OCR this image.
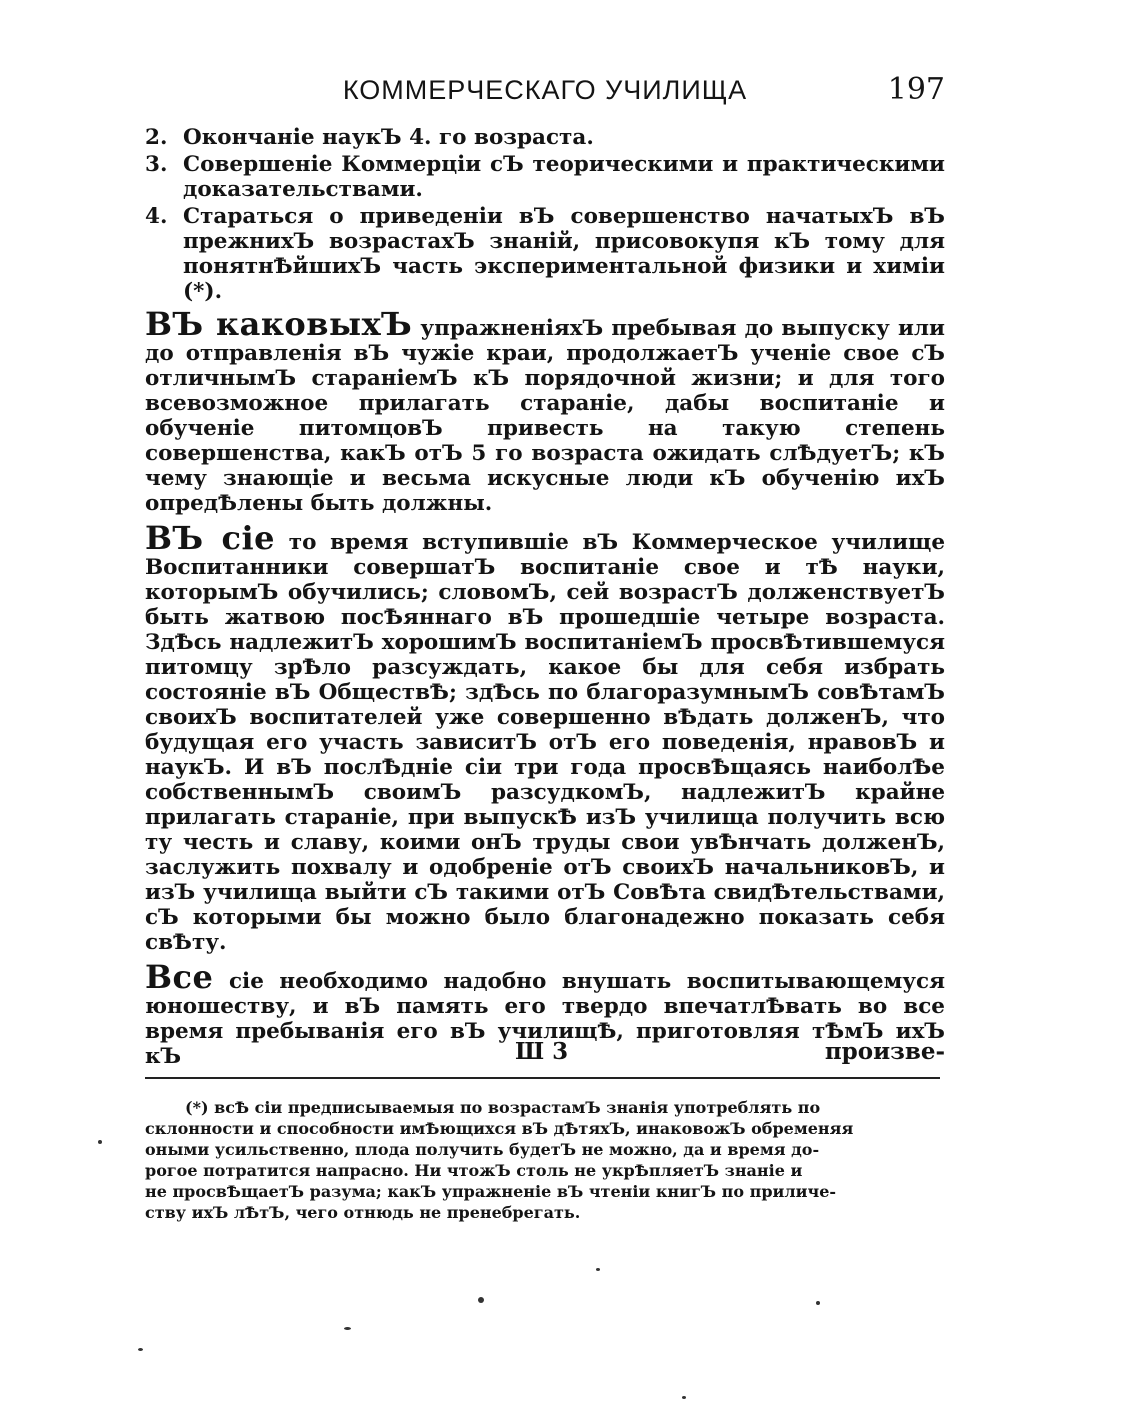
КОММЕРЧЕСКАГО УЧИЛИЩА	197
2. Окончанiе наукЪ 4. го возраста.
3. Совершенiе Коммерцiи сЪ теорическими и практическими доказательствами.
4. Стараться о приведенiи вЪ совершенство начатыхЪ вЪ прежнихЪ возрастахЪ знанiй, присовокупя кЪ тому для понятнѢйшихЪ часть экспериментальной физики и химiи (*).

ВЪ каковыхЪ упражненiяхЪ пребывая до выпуску или до отправленiя вЪ чужiе краи, продолжаетЪ ученiе свое сЪ отличнымЪ старанiемЪ кЪ порядочной жизни; и для того всевозможное прилагать старанiе, дабы воспитанiе и обученiе питомцовЪ привесть на такую степень совершенства, какЪ отЪ 5 го возраста ожидать слѢдуетЪ; кЪ чему знающiе и весьма искусные люди кЪ обученiю ихЪ опредѢлены быть должны.

ВЪ сiе то время вступившiе вЪ Коммерческое училище Воспитанники совершатЪ воспитанiе свое и тѢ науки, которымЪ обучились; словомЪ, сей возрастЪ долженствуетЪ быть жатвою посѢяннаго вЪ прошедшiе четыре возраста. ЗдѢсь надлежитЪ хорошимЪ воспитанiемЪ просвѢтившемуся питомцу зрѢло разсуждать, какое бы для себя избрать состоянiе вЪ ОбществѢ; здѢсь по благоразумнымЪ совѢтамЪ своихЪ воспитателей уже совершенно вѢдать долженЪ, что будущая его участь зависитЪ отЪ его поведенiя, нравовЪ и наукЪ. И вЪ послѢднiе сiи три года просвѢщаясь наиболѢе собственнымЪ своимЪ разсудкомЪ, надлежитЪ крайне прилагать старанiе, при выпускѢ изЪ училища получить всю ту честь и славу, коими онЪ труды свои увѢнчать долженЪ, заслужить похвалу и одобренiе отЪ своихЪ начальниковЪ, и изЪ училища выйти сЪ такими отЪ СовѢта свидѢтельствами, сЪ которыми бы можно было благонадежно показать себя свѢту.

Все сiе необходимо надобно внушать воспитывающемуся юношеству, и вЪ память его твердо впечатлѢвать во все время пребыванiя его вЪ училищѢ, приготовляя тѢмЪ ихЪ кЪ	Ш 3	произве-
(*) всѢ сiи предписываемыя по возрастамЪ знанiя употреблять по
склонности и способности имѢющихся вЪ дѢтяхЪ, инаковожЪ обременяя
оными усильственно, плода получить будетЪ не можно, да и время до-
рогое потратится напрасно. Ни чтожЪ столь не укрѢпляетЪ знанiе и
не просвѢщаетЪ разума; какЪ упражненiе вЪ чтенiи книгЪ по приличе-
ству ихЪ лѢтЪ, чего отнюдь не пренебрегать.
